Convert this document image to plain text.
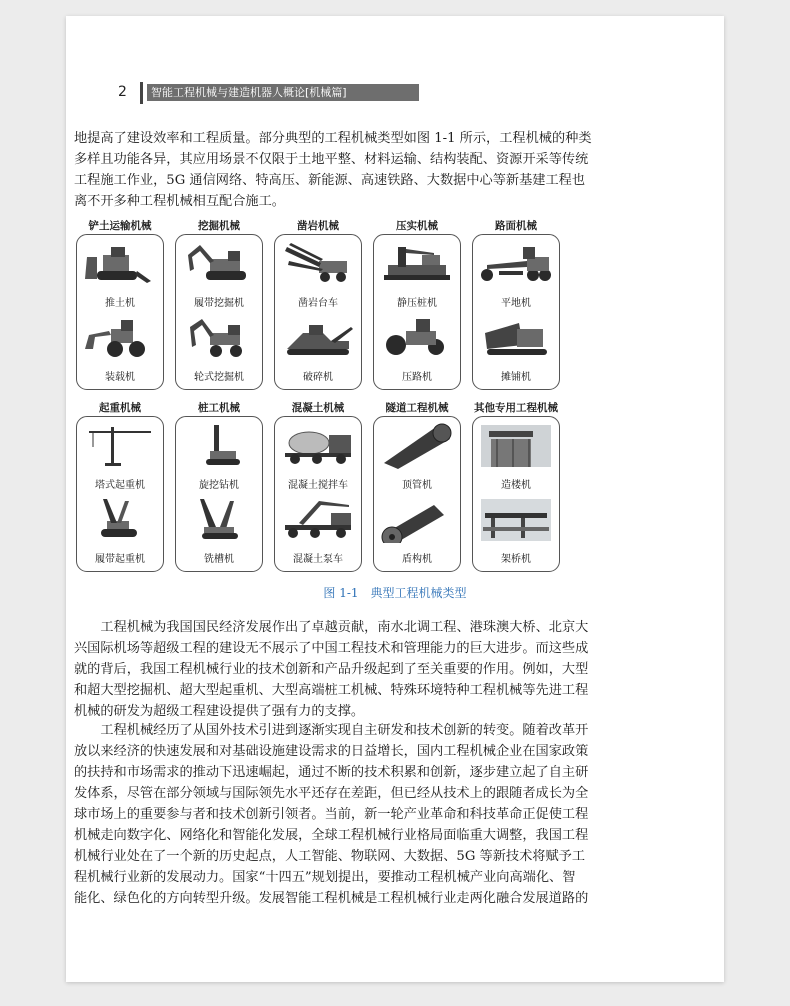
2	智能工程机械与建造机器人概论[机械篇]

地提高了建设效率和工程质量。部分典型的工程机械类型如图 1-1 所示，工程机械的种类

多样且功能各异，其应用场景不仅限于土地平整、材料运输、结构装配、资源开采等传统

工程施工作业，5G 通信网络、特高压、新能源、高速铁路、大数据中心等新基建工程也

离不开多种工程机械相互配合施工。

铲土运输机械
推土机
装载机
挖掘机械
履带挖掘机
轮式挖掘机
凿岩机械
凿岩台车
破碎机
压实机械
静压桩机
压路机
路面机械
平地机
摊铺机
起重机械
塔式起重机
履带起重机
桩工机械
旋挖钻机
铣槽机
混凝土机械
混凝土搅拌车
混凝土泵车
隧道工程机械
顶管机
盾构机
其他专用工程机械
造楼机
架桥机
图 1-1　典型工程机械类型

工程机械为我国国民经济发展作出了卓越贡献，南水北调工程、港珠澳大桥、北京大

兴国际机场等超级工程的建设无不展示了中国工程技术和管理能力的巨大进步。而这些成

就的背后，我国工程机械行业的技术创新和产品升级起到了至关重要的作用。例如，大型

和超大型挖掘机、超大型起重机、大型高端桩工机械、特殊环境特种工程机械等先进工程

机械的研发为超级工程建设提供了强有力的支撑。

工程机械经历了从国外技术引进到逐渐实现自主研发和技术创新的转变。随着改革开

放以来经济的快速发展和对基础设施建设需求的日益增长，国内工程机械企业在国家政策

的扶持和市场需求的推动下迅速崛起，通过不断的技术积累和创新，逐步建立起了自主研

发体系，尽管在部分领域与国际领先水平还存在差距，但已经从技术上的跟随者成长为全

球市场上的重要参与者和技术创新引领者。当前，新一轮产业革命和科技革命正促使工程

机械走向数字化、网络化和智能化发展，全球工程机械行业格局面临重大调整，我国工程

机械行业处在了一个新的历史起点，人工智能、物联网、大数据、5G 等新技术将赋予工

程机械行业新的发展动力。国家“十四五”规划提出，要推动工程机械产业向高端化、智

能化、绿色化的方向转型升级。发展智能工程机械是工程机械行业走两化融合发展道路的
